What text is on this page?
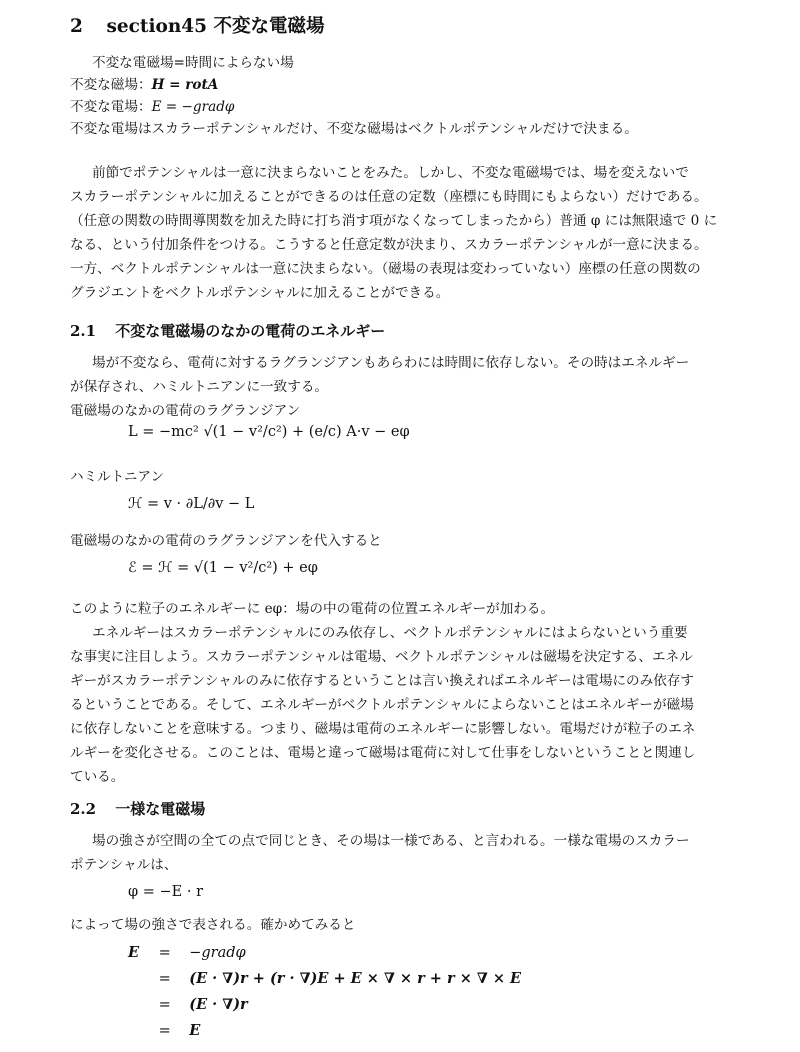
2 section45 不変な電磁場
不変な電磁場=時間によらない場
不変な磁場：H = rotA
不変な電場：E = −gradφ
不変な電場はスカラーポテンシャルだけ、不変な磁場はベクトルポテンシャルだけで決まる。
前節でポテンシャルは一意に決まらないことをみた。しかし、不変な電磁場では、場を変えないで
スカラーポテンシャルに加えることができるのは任意の定数（座標にも時間にもよらない）だけである。
（任意の関数の時間導関数を加えた時に打ち消す項がなくなってしまったから）普通 φ には無限遠で 0 に
なる、という付加条件をつける。こうすると任意定数が決まり、スカラーポテンシャルが一意に決まる。
一方、ベクトルポテンシャルは一意に決まらない。（磁場の表現は変わっていない）座標の任意の関数の
グラジエントをベクトルポテンシャルに加えることができる。
2.1 不変な電磁場のなかの電荷のエネルギー
場が不変なら、電荷に対するラグランジアンもあらわには時間に依存しない。その時はエネルギー
が保存され、ハミルトニアンに一致する。
電磁場のなかの電荷のラグランジアン
L = −mc² √(1 − v²/c²) + (e/c) A·v − eφ
ハミルトニアン
ℋ = v · ∂L/∂v − L
電磁場のなかの電荷のラグランジアンを代入すると
ℰ = ℋ = √(1 − v²/c²) + eφ
このように粒子のエネルギーに eφ：場の中の電荷の位置エネルギーが加わる。
エネルギーはスカラーポテンシャルにのみ依存し、ベクトルポテンシャルにはよらないという重要
な事実に注目しよう。スカラーポテンシャルは電場、ベクトルポテンシャルは磁場を決定する、エネル
ギーがスカラーポテンシャルのみに依存するということは言い換えればエネルギーは電場にのみ依存す
るということである。そして、エネルギーがベクトルポテンシャルによらないことはエネルギーが磁場
に依存しないことを意味する。つまり、磁場は電荷のエネルギーに影響しない。電場だけが粒子のエネ
ルギーを変化させる。このことは、電場と違って磁場は電荷に対して仕事をしないということと関連し
ている。
2.2 一様な電磁場
場の強さが空間の全ての点で同じとき、その場は一様である、と言われる。一様な電場のスカラー
ポテンシャルは、
φ = −E · r
によって場の強さで表される。確かめてみると
E = −gradφ
= (E · ∇)r + (r · ∇)E + E × ∇ × r + r × ∇ × E
= (E · ∇)r
= E
